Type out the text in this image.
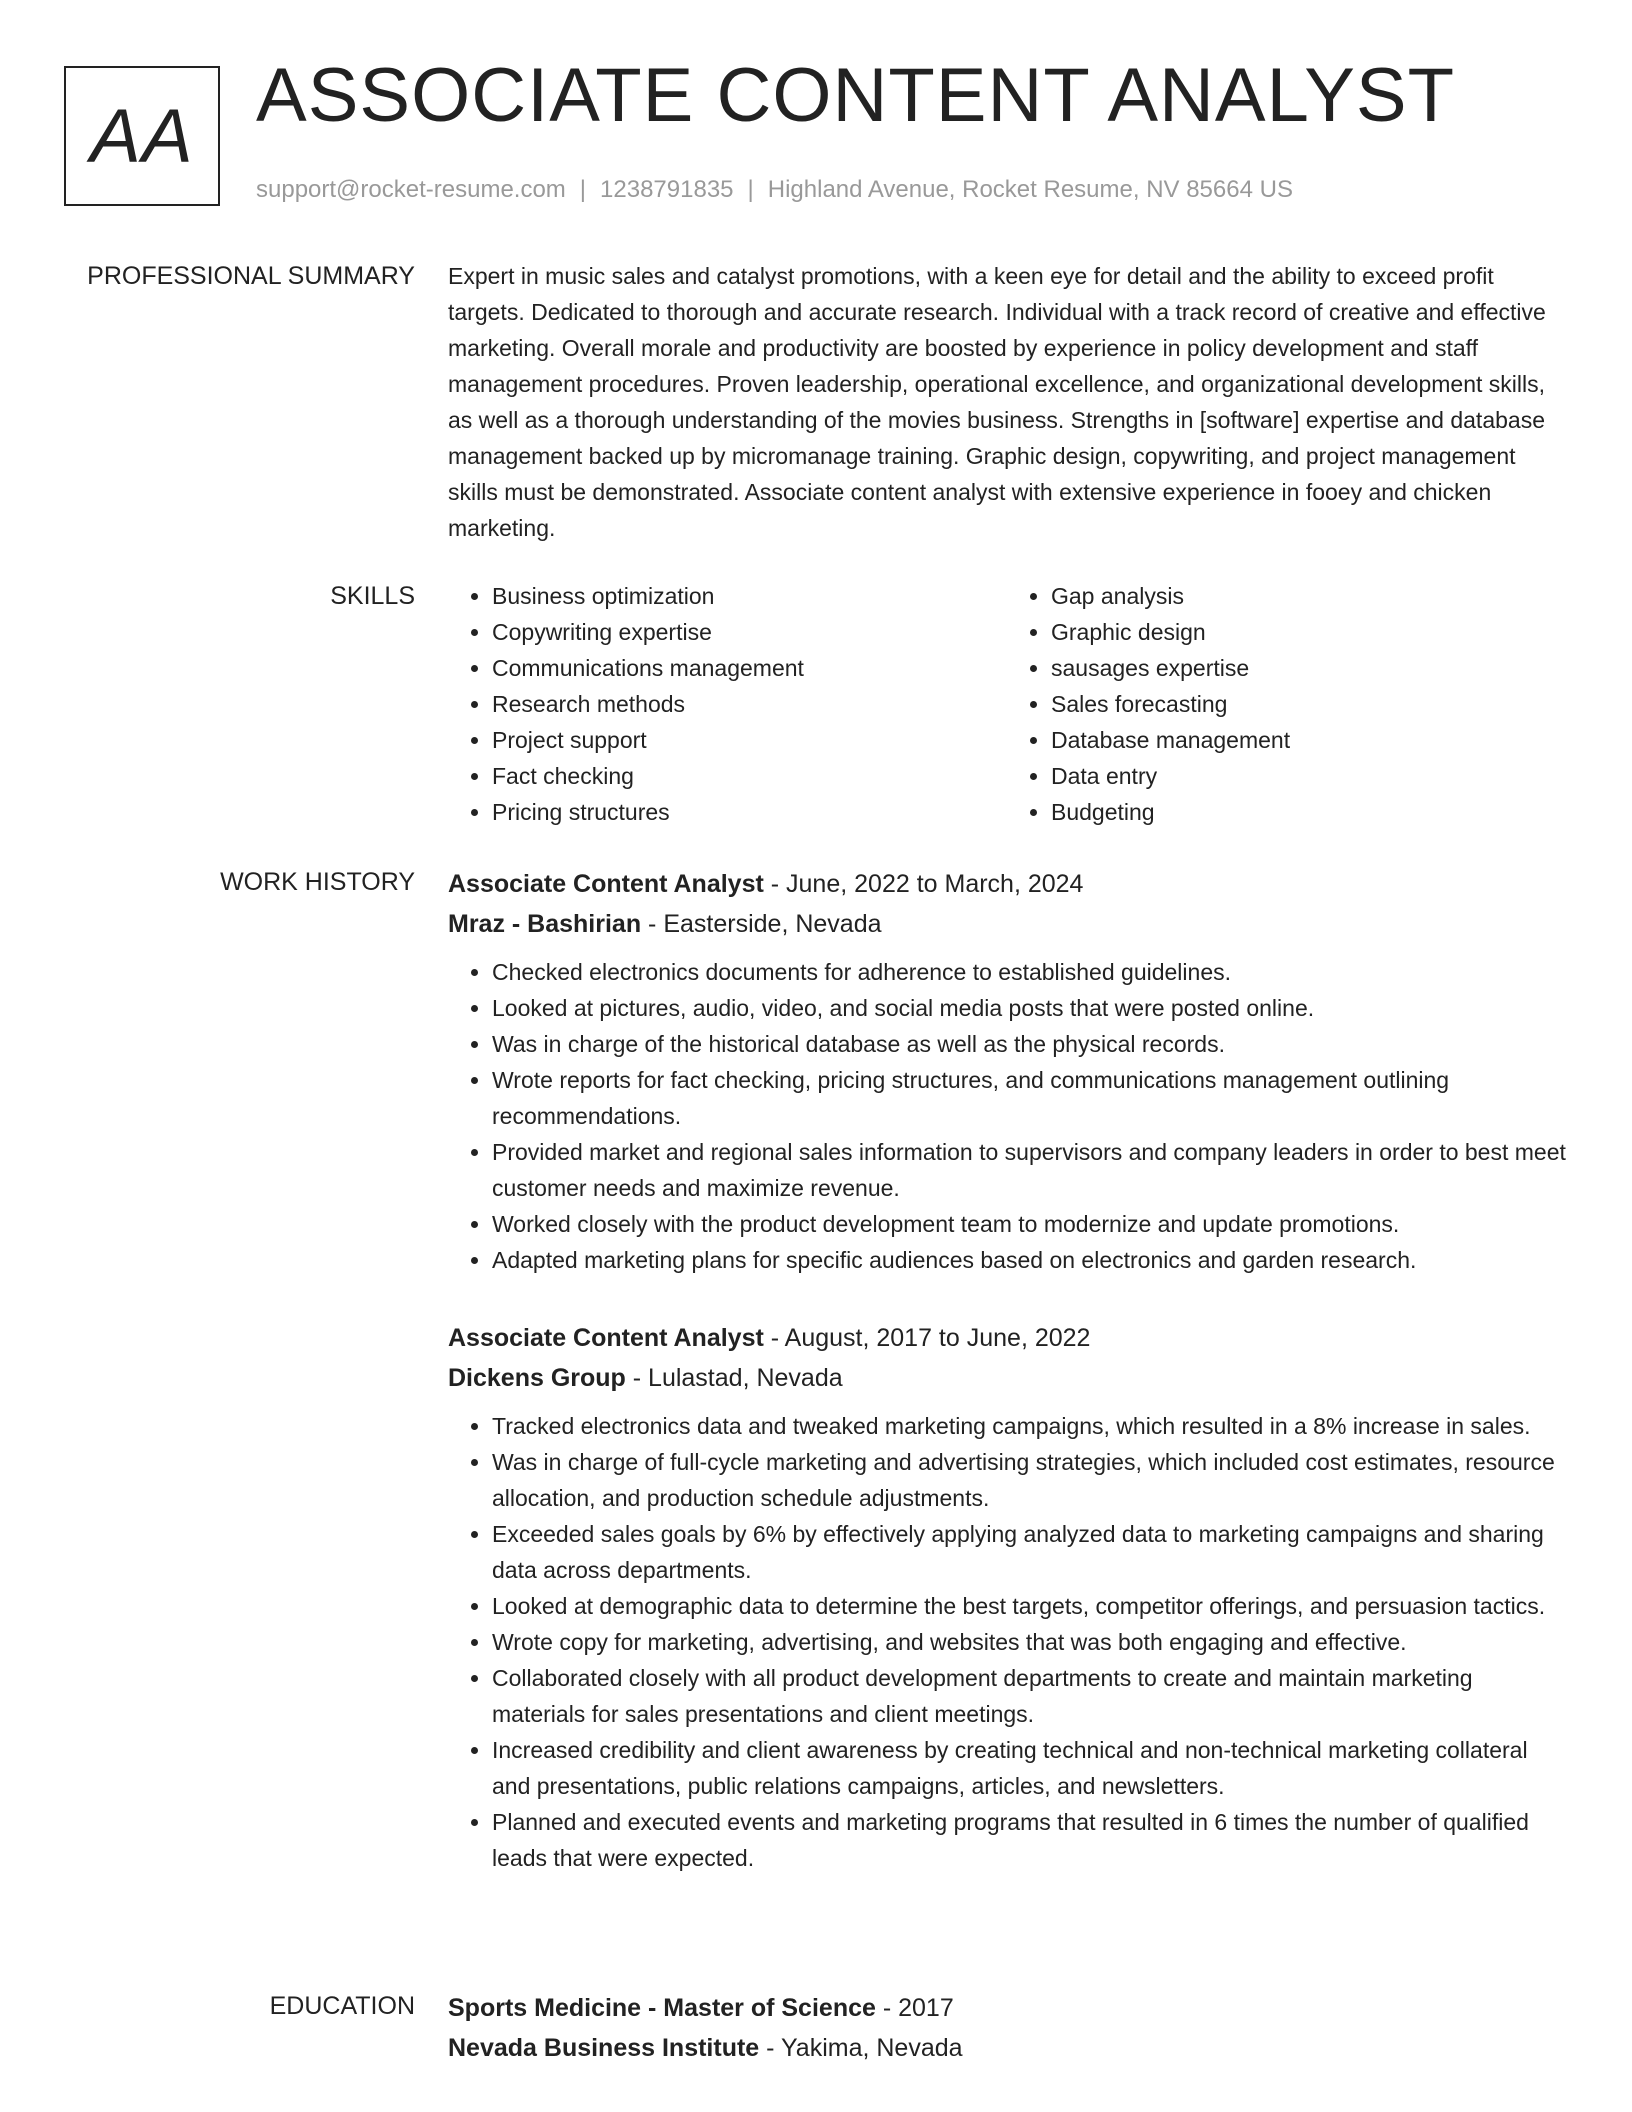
AA ASSOCIATE CONTENT ANALYST
support@rocket-resume.com | 1238791835 | Highland Avenue, Rocket Resume, NV 85664 US
PROFESSIONAL SUMMARY Expert in music sales and catalyst promotions, with a keen eye for detail and the ability to exceed profit targets. Dedicated to thorough and accurate research. Individual with a track record of creative and effective marketing. Overall morale and productivity are boosted by experience in policy development and staff management procedures. Proven leadership, operational excellence, and organizational development skills, as well as a thorough understanding of the movies business. Strengths in [software] expertise and database management backed up by micromanage training. Graphic design, copywriting, and project management skills must be demonstrated. Associate content analyst with extensive experience in fooey and chicken marketing.

SKILLS
•	Business optimization
• Copywriting expertise
• Communications management
• Research methods
• Project support
• Fact checking
• Pricing structures
• Gap analysis
• Graphic design
• sausages expertise
• Sales forecasting
• Database management
• Data entry
• Budgeting
WORK HISTORY Associate Content Analyst - June, 2022 to March, 2024
Mraz - Bashirian - Easterside, Nevada
• Checked electronics documents for adherence to established guidelines.
• Looked at pictures, audio, video, and social media posts that were posted online.
• Was in charge of the historical database as well as the physical records.
• Wrote reports for fact checking, pricing structures, and communications management outlining recommendations.
• Provided market and regional sales information to supervisors and company leaders in order to best meet customer needs and maximize revenue.
• Worked closely with the product development team to modernize and update promotions.
• Adapted marketing plans for specific audiences based on electronics and garden research.
Associate Content Analyst - August, 2017 to June, 2022
Dickens Group - Lulastad, Nevada
• Tracked electronics data and tweaked marketing campaigns, which resulted in a 8% increase in sales.
• Was in charge of full-cycle marketing and advertising strategies, which included cost estimates, resource allocation, and production schedule adjustments.
• Exceeded sales goals by 6% by effectively applying analyzed data to marketing campaigns and sharing data across departments.
• Looked at demographic data to determine the best targets, competitor offerings, and persuasion tactics.
• Wrote copy for marketing, advertising, and websites that was both engaging and effective.
• Collaborated closely with all product development departments to create and maintain marketing materials for sales presentations and client meetings.
• Increased credibility and client awareness by creating technical and non-technical marketing collateral and presentations, public relations campaigns, articles, and newsletters.
• Planned and executed events and marketing programs that resulted in 6 times the number of qualified leads that were expected.
EDUCATION Sports Medicine - Master of Science - 2017
Nevada Business Institute - Yakima, Nevada
